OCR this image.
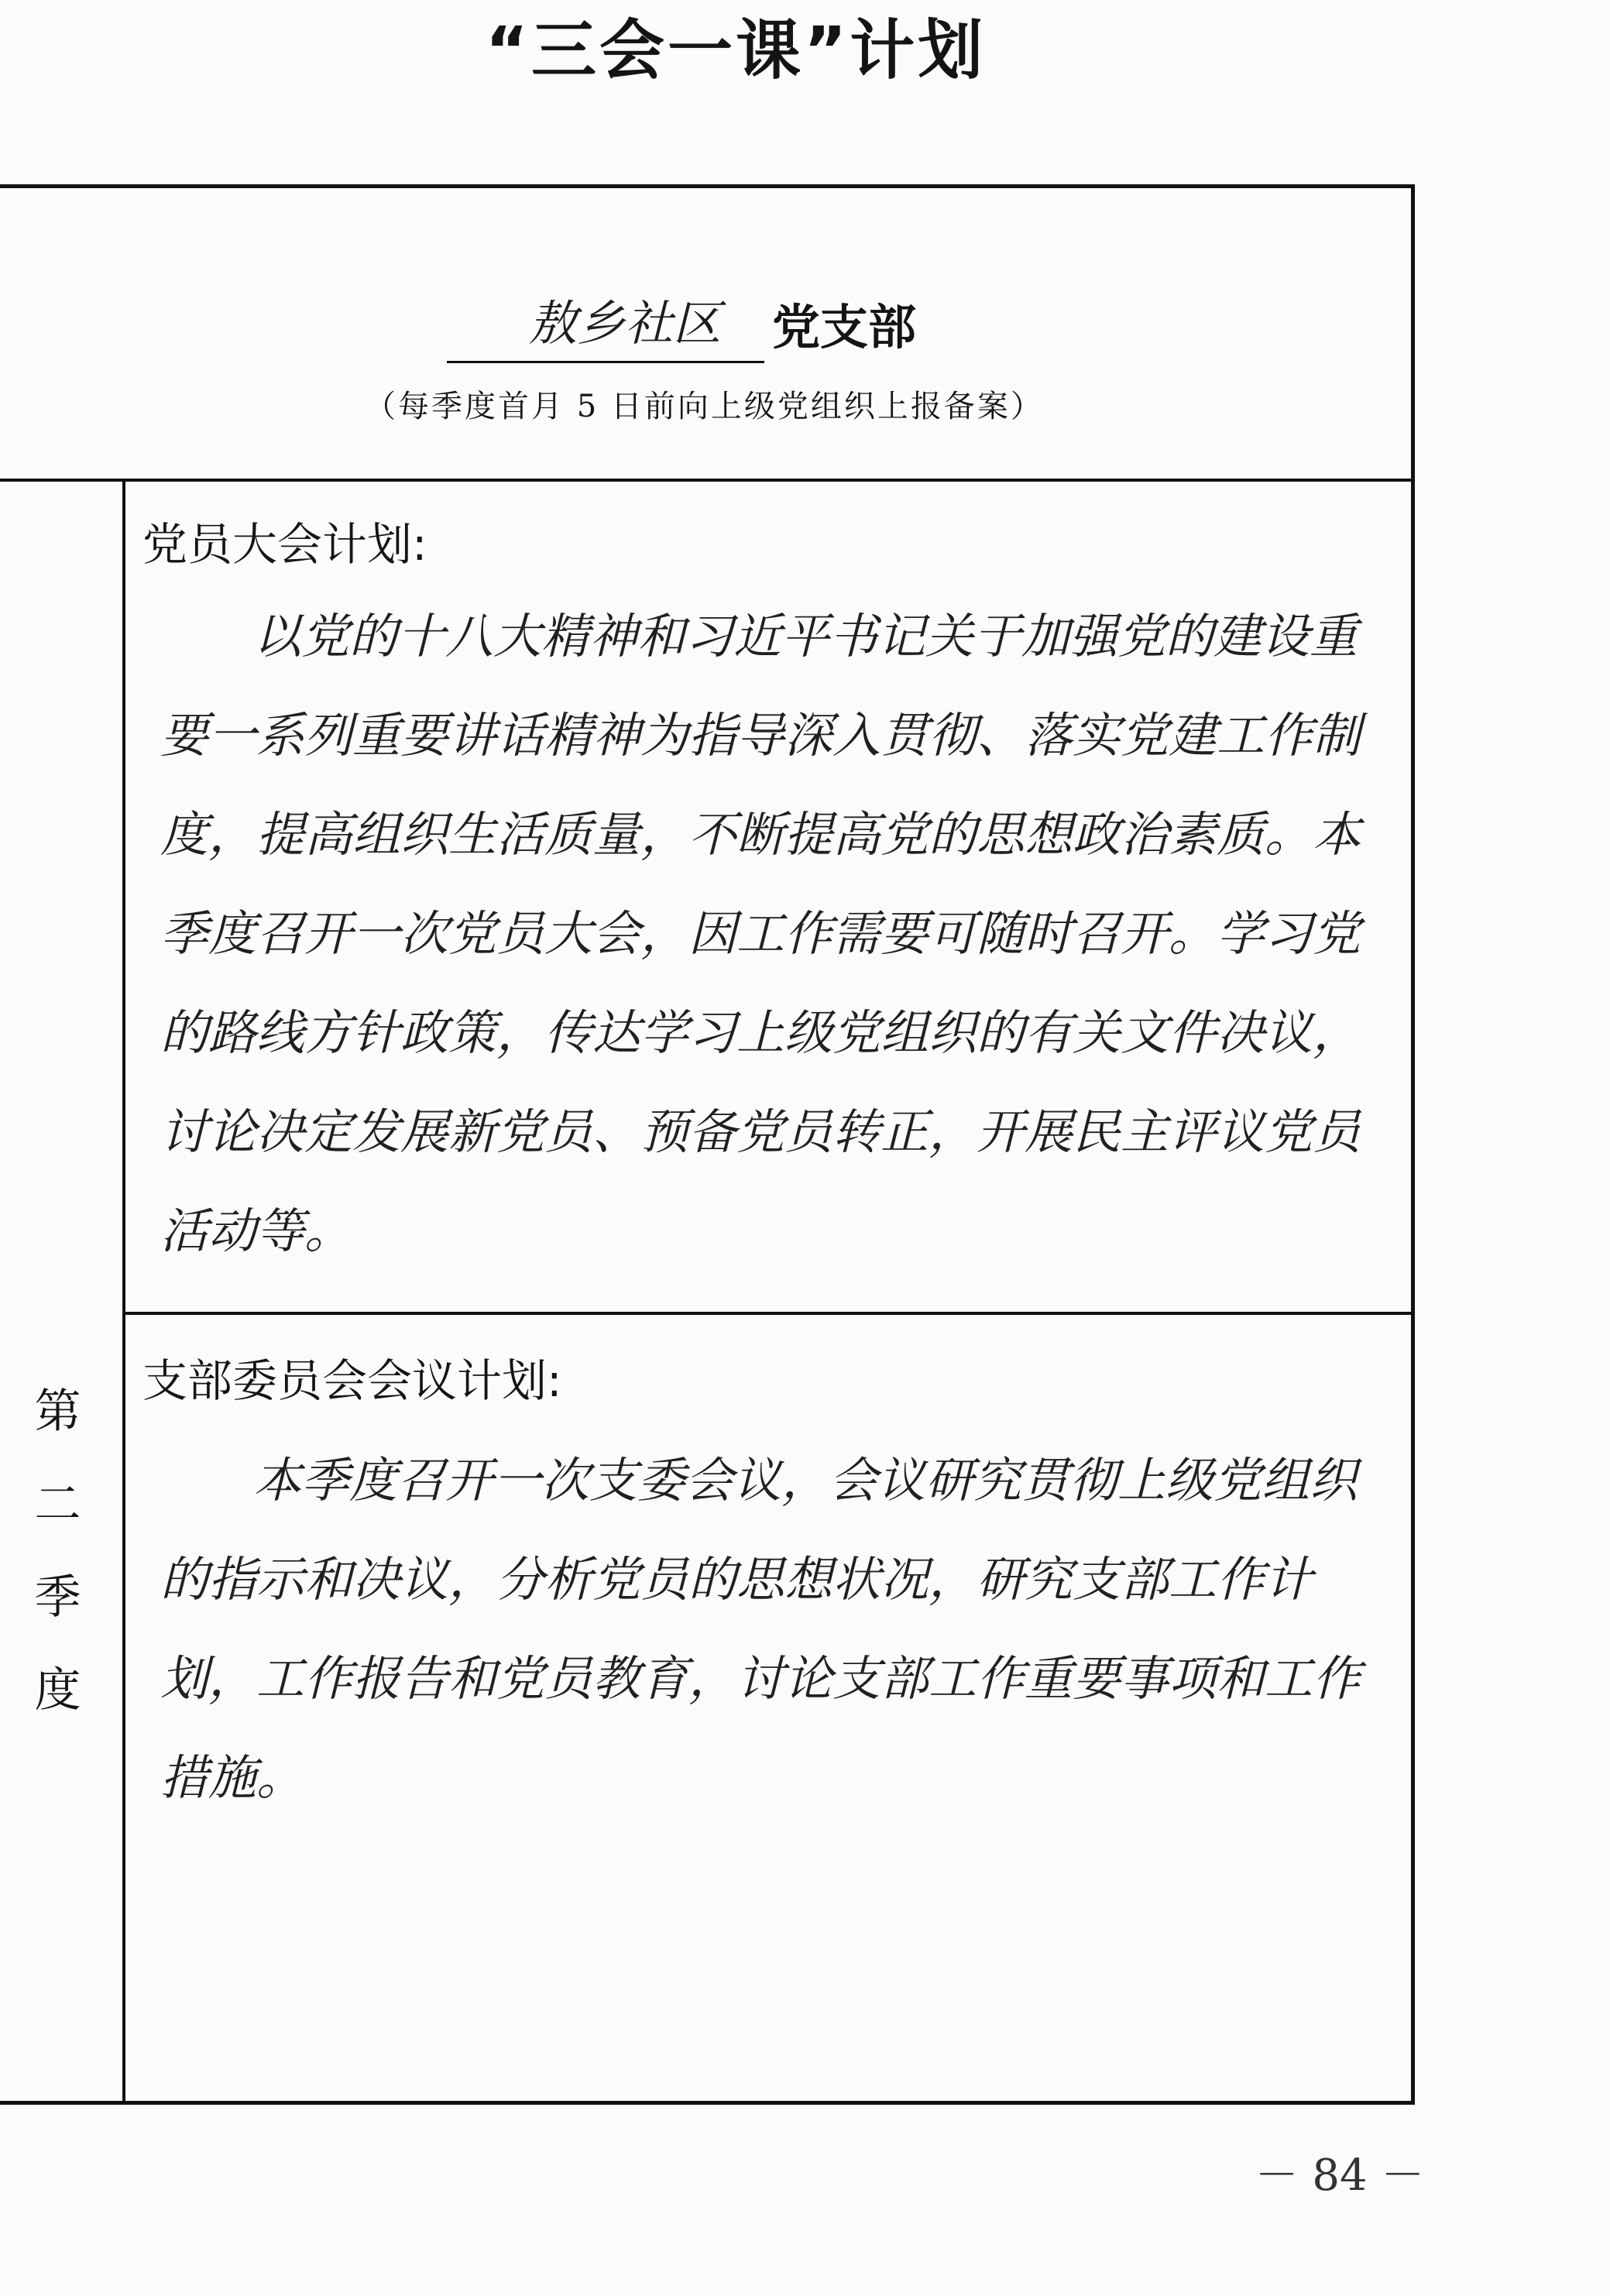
“三会一课”计划
敖乡社区	党支部
（每季度首月 5 日前向上级党组织上报备案）
第
二
季
度
党员大会计划:
以党的十八大精神和习近平书记关于加强党的建设重要一系列重要讲话精神为指导深入贯彻、落实党建工作制度，提高组织生活质量，不断提高党的思想政治素质。本季度召开一次党员大会，因工作需要可随时召开。学习党的路线方针政策，传达学习上级党组织的有关文件决议，讨论决定发展新党员、预备党员转正，开展民主评议党员活动等。
支部委员会会议计划:
本季度召开一次支委会议，会议研究贯彻上级党组织的指示和决议，分析党员的思想状况，研究支部工作计划，工作报告和党员教育，讨论支部工作重要事项和工作措施。
－ 84 －
